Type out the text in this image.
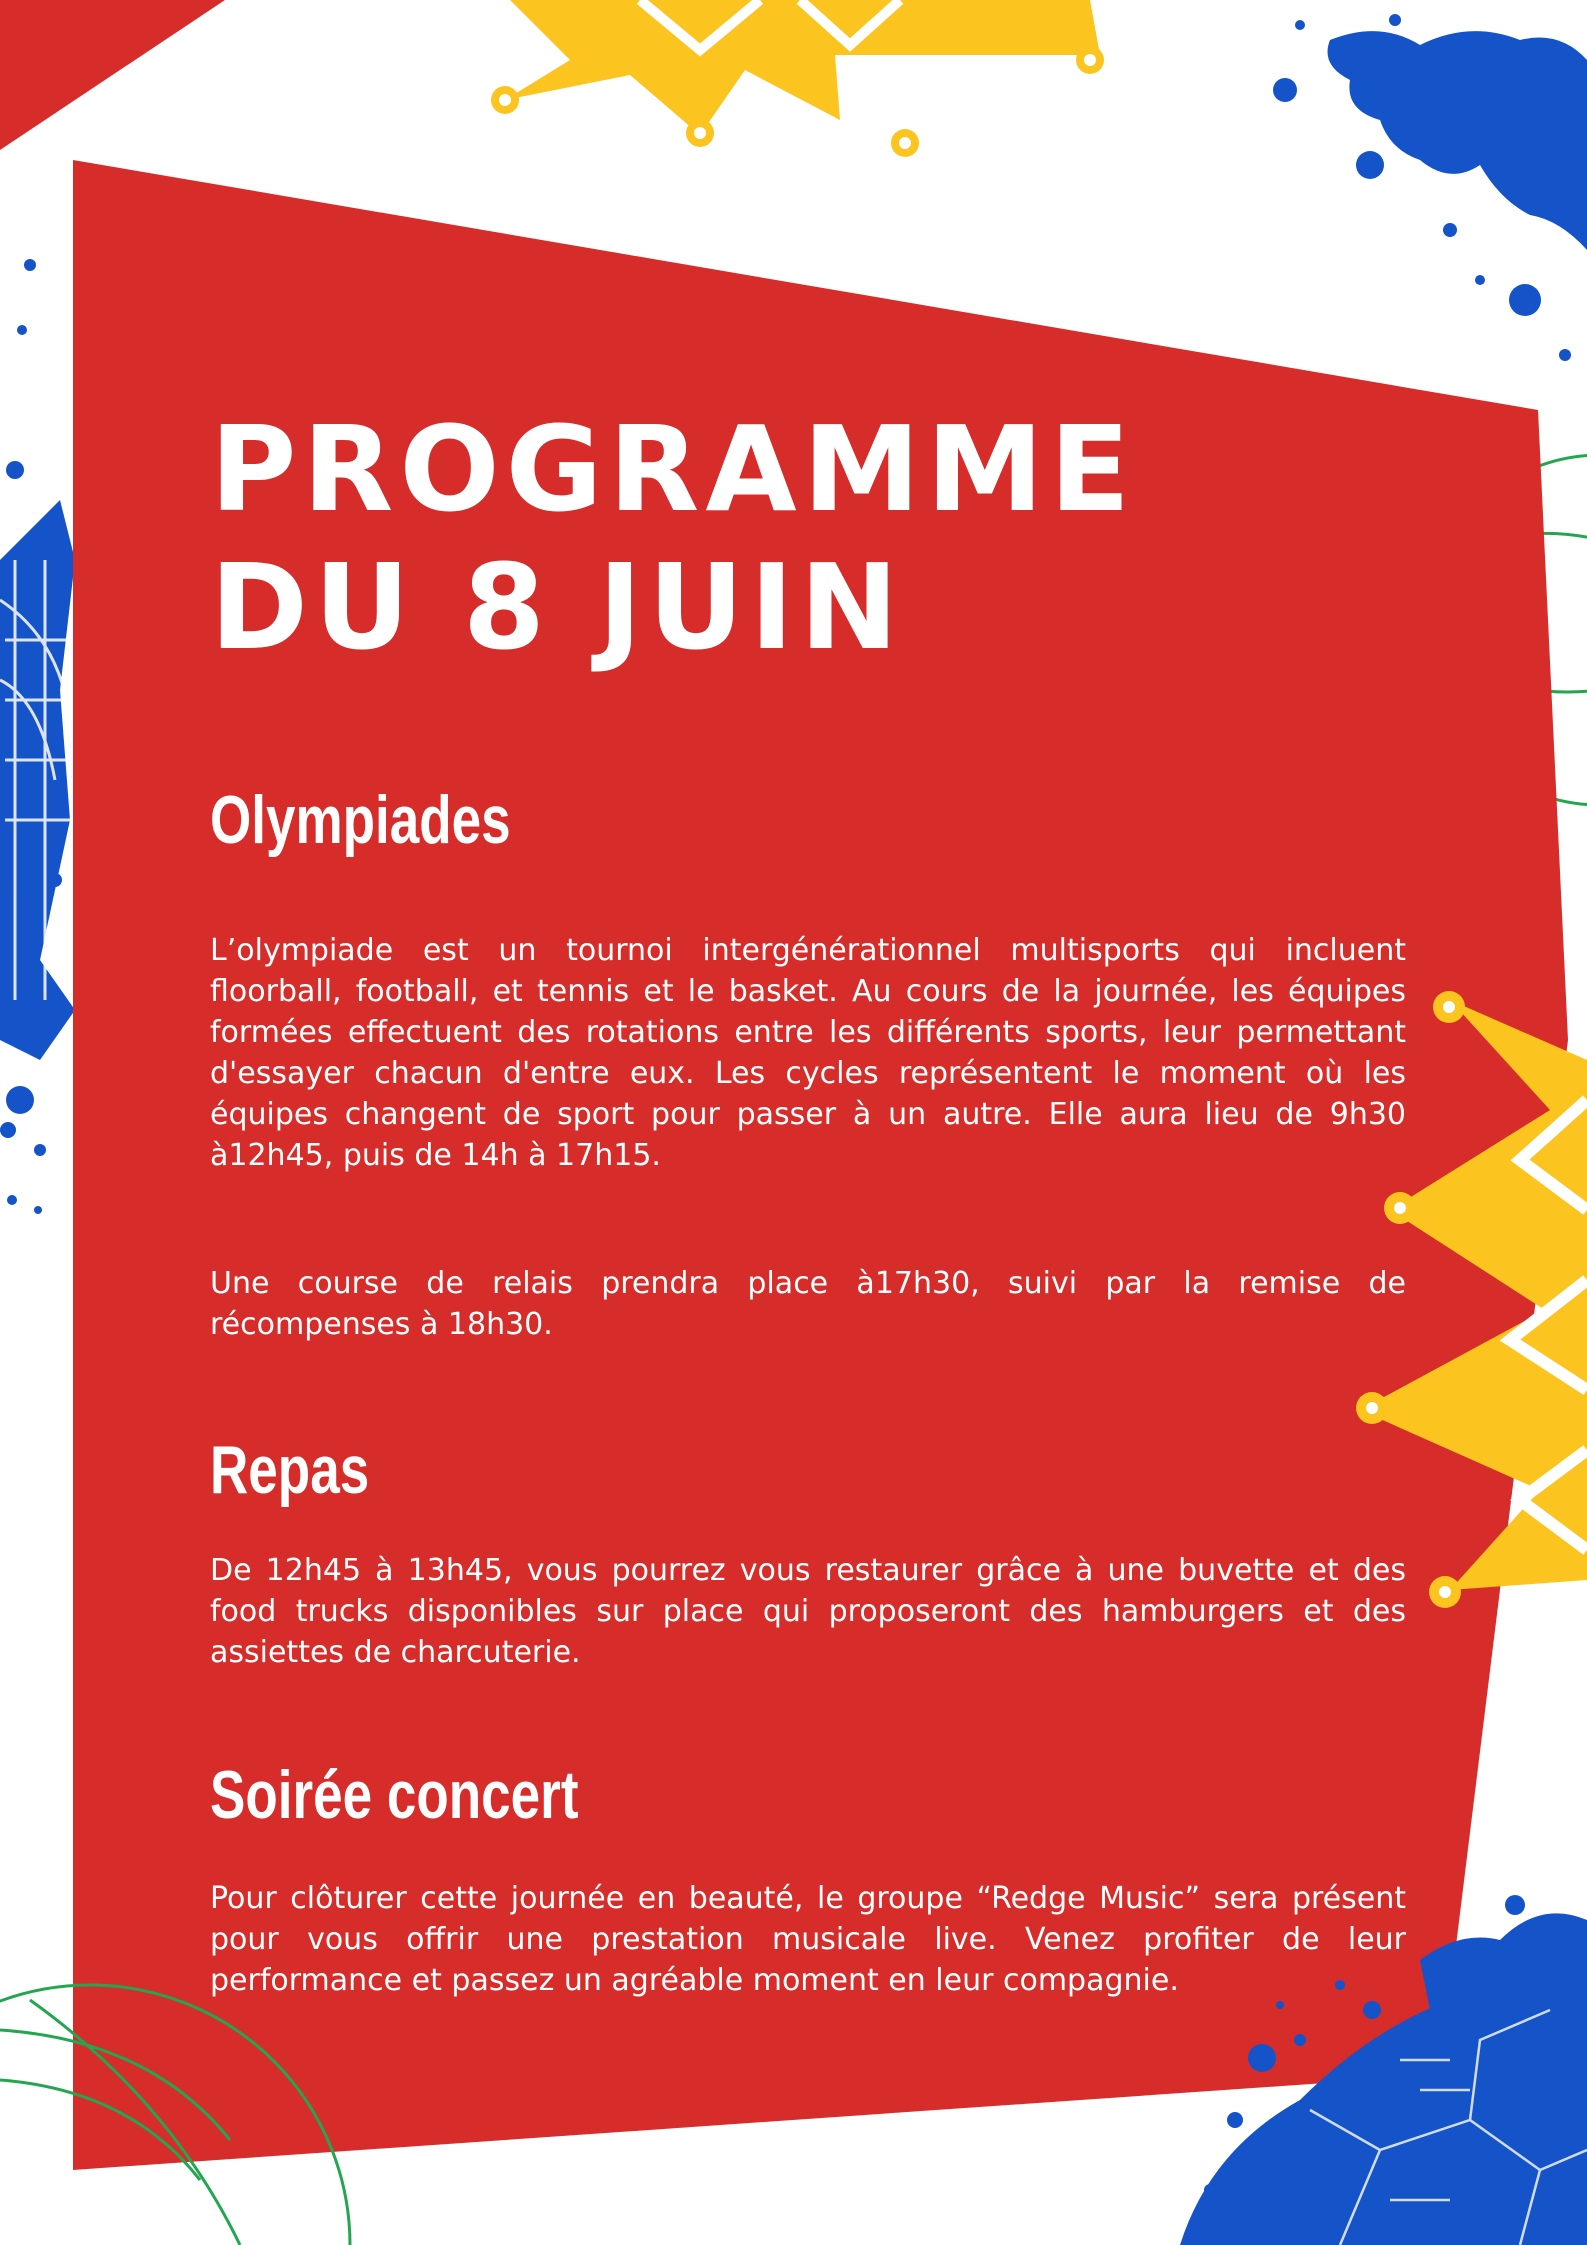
PROGRAMME

DU 8 JUIN

Olympiades

L’olympiade est un tournoi intergénérationnel multisports qui incluent floorball, football, et tennis et le basket. Au cours de la journée, les équipes formées effectuent des rotations entre les différents sports, leur permettant d'essayer chacun d'entre eux. Les cycles représentent le moment où les équipes changent de sport pour passer à un autre. Elle aura lieu de 9h30 à12h45, puis de 14h à 17h15.

Une course de relais prendra place à17h30, suivi par la remise de récompenses à 18h30.

Repas

De 12h45 à 13h45, vous pourrez vous restaurer grâce à une buvette et des food trucks disponibles sur place qui proposeront des hamburgers et des assiettes de charcuterie.

Soirée concert

Pour clôturer cette journée en beauté, le groupe “Redge Music” sera présent pour vous offrir une prestation musicale live. Venez profiter de leur performance et passez un agréable moment en leur compagnie.
